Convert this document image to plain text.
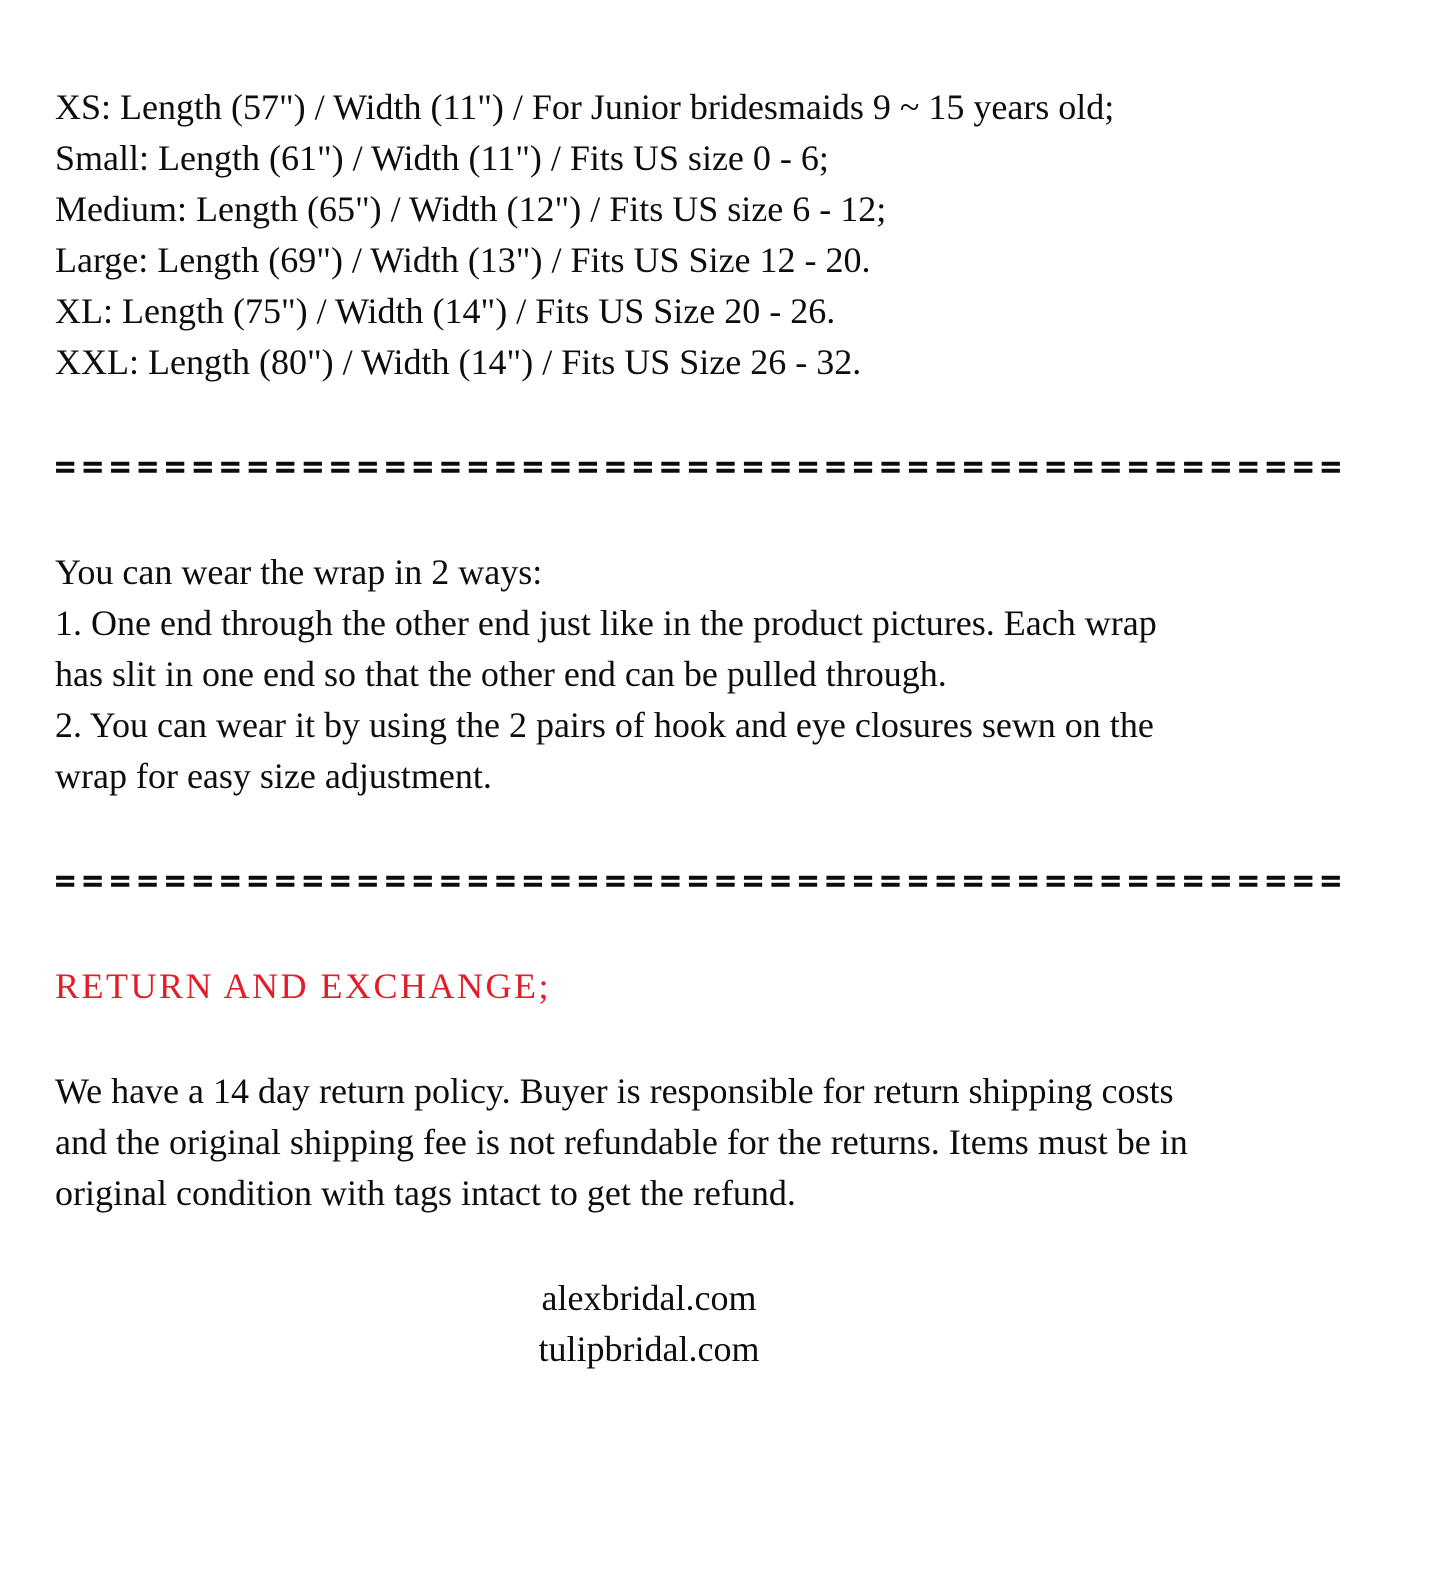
XS: Length (57") / Width (11") / For Junior bridesmaids 9 ~ 15 years old;
Small: Length (61") / Width (11") / Fits US size 0 - 6;
Medium: Length (65") / Width (12") / Fits US size 6 - 12;
Large: Length (69") / Width (13") / Fits US Size 12 - 20.
XL: Length (75") / Width (14") / Fits US Size 20 - 26.
XXL: Length (80") / Width (14") / Fits US Size 26 - 32.
===============================================
You can wear the wrap in 2 ways:
1. One end through the other end just like in the product pictures. Each wrap
has slit in one end so that the other end can be pulled through.
2. You can wear it by using the 2 pairs of hook and eye closures sewn on the
wrap for easy size adjustment.
===============================================
RETURN AND EXCHANGE;
We have a 14 day return policy. Buyer is responsible for return shipping costs
and the original shipping fee is not refundable for the returns. Items must be in
original condition with tags intact to get the refund.
alexbridal.com
tulipbridal.com
